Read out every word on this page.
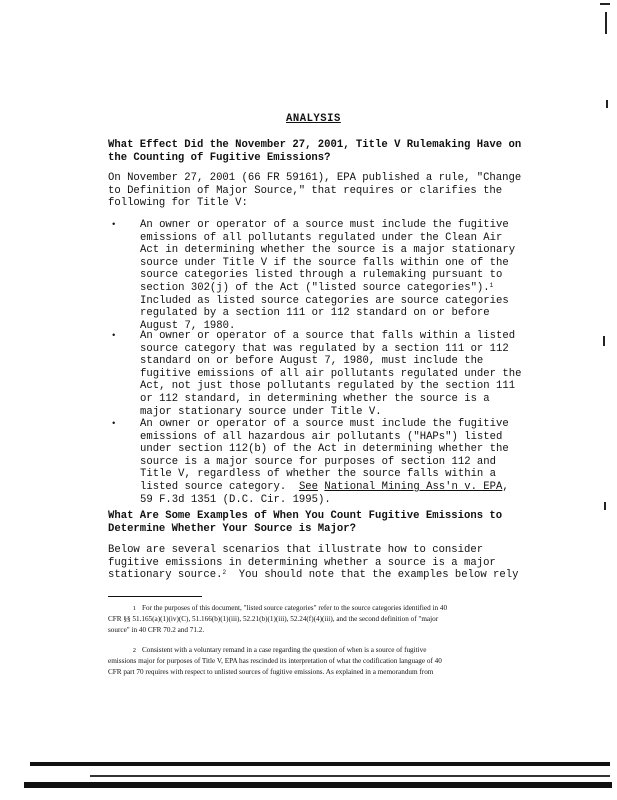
ANALYSIS
What Effect Did the November 27, 2001, Title V Rulemaking Have on
the Counting of Fugitive Emissions?
On November 27, 2001 (66 FR 59161), EPA published a rule, "Change
to Definition of Major Source," that requires or clarifies the
following for Title V:
• An owner or operator of a source must include the fugitive
emissions of all pollutants regulated under the Clean Air
Act in determining whether the source is a major stationary
source under Title V if the source falls within one of the
source categories listed through a rulemaking pursuant to
section 302(j) of the Act ("listed source categories").$^1$
Included as listed source categories are source categories
regulated by a section 111 or 112 standard on or before
August 7, 1980.
• An owner or operator of a source that falls within a listed
source category that was regulated by a section 111 or 112
standard on or before August 7, 1980, must include the
fugitive emissions of all air pollutants regulated under the
Act, not just those pollutants regulated by the section 111
or 112 standard, in determining whether the source is a
major stationary source under Title V.
• An owner or operator of a source must include the fugitive
emissions of all hazardous air pollutants ("HAPs") listed
under section 112(b) of the Act in determining whether the
source is a major source for purposes of section 112 and
Title V, regardless of whether the source falls within a
listed source category. See National Mining Ass'n v. EPA,
59 F.3d 1351 (D.C. Cir. 1995).
What Are Some Examples of When You Count Fugitive Emissions to
Determine Whether Your Source is Major?
Below are several scenarios that illustrate how to consider
fugitive emissions in determining whether a source is a major
stationary source.$^2$  You should note that the examples below rely
1 For the purposes of this document, "listed source categories" refer to the source categories identified in 40
CFR §§ 51.165(a)(1)(iv)(C), 51.166(b)(1)(iii), 52.21(b)(1)(iii), 52.24(f)(4)(iii), and the second definition of "major
source" in 40 CFR 70.2 and 71.2.
2 Consistent with a voluntary remand in a case regarding the question of when is a source of fugitive
emissions major for purposes of Title V, EPA has rescinded its interpretation of what the codification language of 40
CFR part 70 requires with respect to unlisted sources of fugitive emissions. As explained in a memorandum from
